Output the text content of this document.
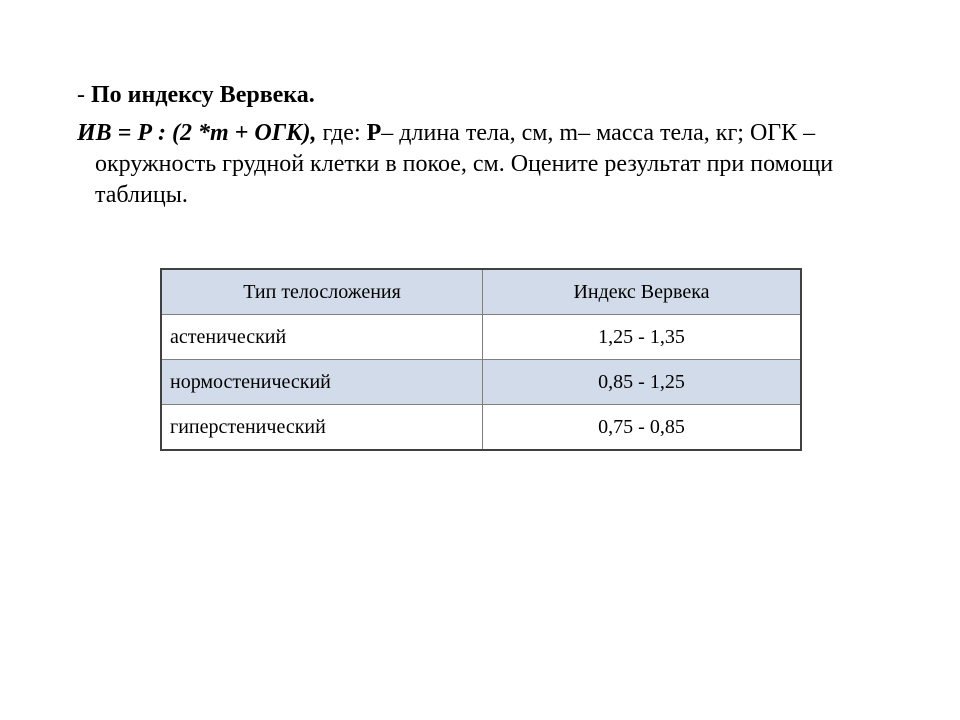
- По индексу Вервека.

ИВ = Р : (2 *m + ОГК), где: Р– длина тела, см, m– масса тела, кг; ОГК – окружность грудной клетки в покое, см. Оцените результат при помощи таблицы.

Тип телосложения	Индекс Вервека
астенический	1,25 - 1,35
нормостенический	0,85 - 1,25
гиперстенический	0,75 - 0,85
